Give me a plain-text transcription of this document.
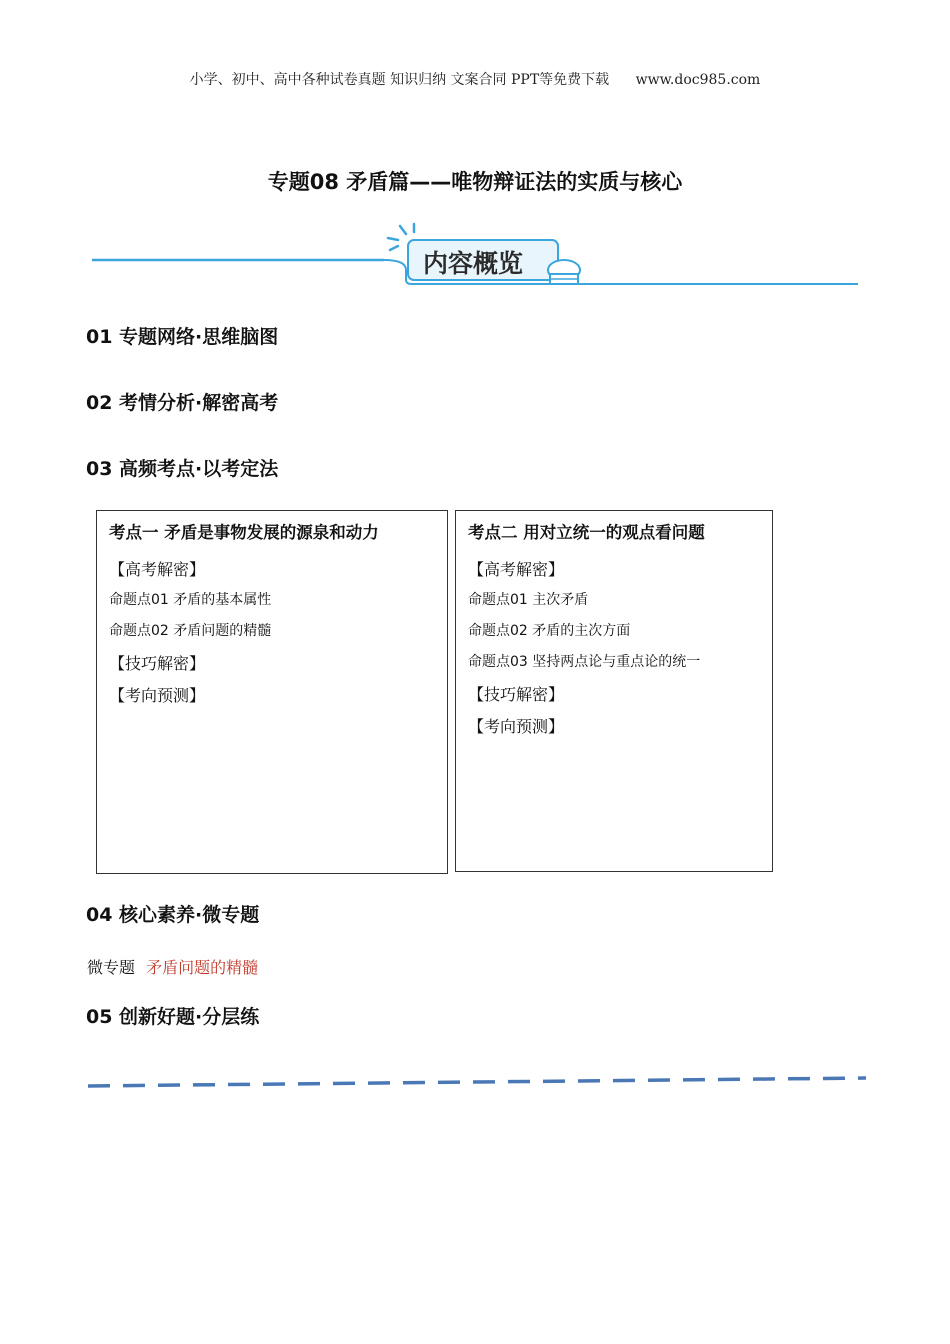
小学、初中、高中各种试卷真题 知识归纳 文案合同 PPT等免费下载 www.doc985.com
专题08 矛盾篇——唯物辩证法的实质与核心
内容概览
01 专题网络·思维脑图
02 考情分析·解密高考
03 高频考点·以考定法
考点一 矛盾是事物发展的源泉和动力
【高考解密】
命题点01 矛盾的基本属性
命题点02 矛盾问题的精髓
【技巧解密】
【考向预测】
考点二 用对立统一的观点看问题
【高考解密】
命题点01 主次矛盾
命题点02 矛盾的主次方面
命题点03 坚持两点论与重点论的统一
【技巧解密】
【考向预测】
04 核心素养·微专题
微专题 矛盾问题的精髓
05 创新好题·分层练
